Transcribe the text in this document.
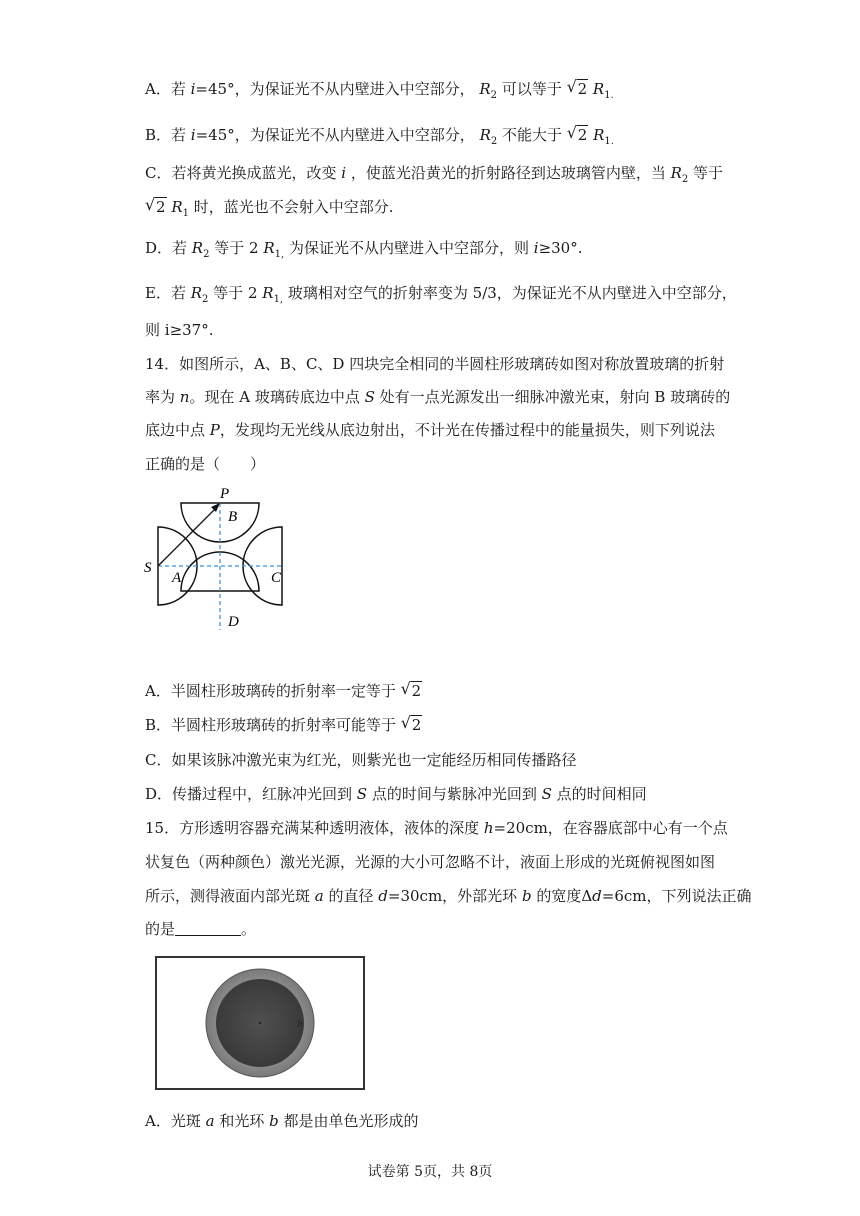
A．若 i=45°，为保证光不从内壁进入中空部分， $R_2$ 可以等于 √ 2 $R_{1.}$
B．若 i=45°，为保证光不从内壁进入中空部分， $R_2$ 不能大于 √ 2 $R_{1.}$
C．若将黄光换成蓝光，改变 i ，使蓝光沿黄光的折射路径到达玻璃管内壁，当 $R_2$ 等于
√ 2 $R_1$ 时，蓝光也不会射入中空部分.
D．若 $R_2$ 等于 2 $R_{1,}$ 为保证光不从内壁进入中空部分，则 i≥30°.
E．若 $R_2$ 等于 2 $R_{1,}$ 玻璃相对空气的折射率变为 5/3，为保证光不从内壁进入中空部分，
则 i≥37°.
14．如图所示，A、B、C、D 四块完全相同的半圆柱形玻璃砖如图对称放置玻璃的折射
率为 n。现在 A 玻璃砖底边中点 S 处有一点光源发出一细脉冲激光束，射向 B 玻璃砖的
底边中点 P，发现均无光线从底边射出，不计光在传播过程中的能量损失，则下列说法
正确的是（　　）
P
B
S
A	C
D
A．半圆柱形玻璃砖的折射率一定等于 √ 2
B．半圆柱形玻璃砖的折射率可能等于 √ 2
C．如果该脉冲激光束为红光，则紫光也一定能经历相同传播路径
D．传播过程中，红脉冲光回到 S 点的时间与紫脉冲光回到 S 点的时间相同
15．方形透明容器充满某种透明液体，液体的深度 h=20cm，在容器底部中心有一个点
状复色（两种颜色）激光光源，光源的大小可忽略不计，液面上形成的光斑俯视图如图
所示，测得液面内部光斑 a 的直径 d=30cm，外部光环 b 的宽度Δd=6cm，下列说法正确
的是	。
b
A．光斑 a 和光环 b 都是由单色光形成的
试卷第 5页，共 8页
